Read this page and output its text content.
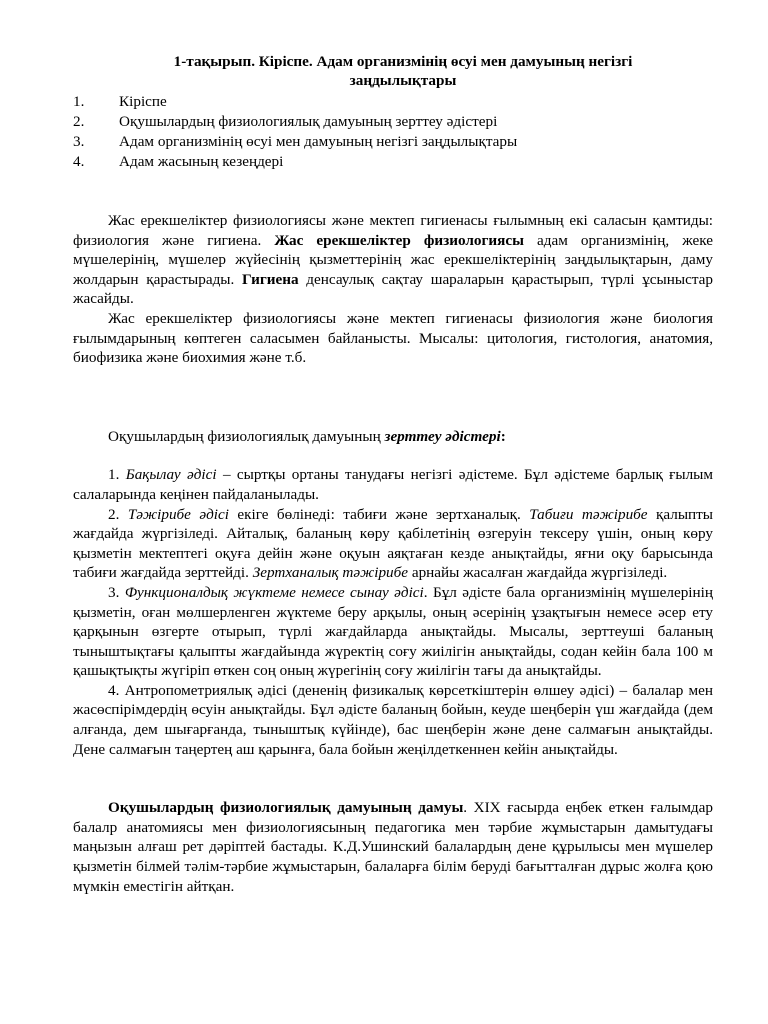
1-тақырып. Кіріспе. Адам организмінің өсуі мен дамуының негізгі
заңдылықтары
1.	Кіріспе
2.	Оқушылардың физиологиялық дамуының зерттеу әдістері
3.	Адам организмінің өсуі мен дамуының негізгі заңдылықтары
4.	Адам жасының кезеңдері

Жас ерекшеліктер физиологиясы және мектеп гигиенасы ғылымның екі саласын қамтиды: физиология және гигиена. Жас ерекшеліктер физиологиясы адам организмінің, жеке мүшелерінің, мүшелер жүйесінің қызметтерінің жас ерекшеліктерінің заңдылықтарын, даму жолдарын қарастырады. Гигиена денсаулық сақтау шараларын қарастырып, түрлі ұсыныстар жасайды.

Жас ерекшеліктер физиологиясы және мектеп гигиенасы физиология және биология ғылымдарының көптеген саласымен байланысты. Мысалы: цитология, гистология, анатомия, биофизика және биохимия және т.б.

Оқушылардың физиологиялық дамуының зерттеу әдістері:

1. Бақылау әдісі – сыртқы ортаны танудағы негізгі әдістеме. Бұл әдістеме барлық ғылым салаларында кеңінен пайдаланылады.

2. Тәжірибе әдісі екіге бөлінеді: табиғи және зертханалық. Табиғи тәжірибе қалыпты жағдайда жүргізіледі. Айталық, баланың көру қабілетінің өзгеруін тексеру үшін, оның көру қызметін мектептегі оқуға дейін және оқуын аяқтаған кезде анықтайды, яғни оқу барысында табиғи жағдайда зерттейді. Зертханалық тәжірибе арнайы жасалған жағдайда жүргізіледі.

3. Функционалдық жүктеме немесе сынау әдісі. Бұл әдісте бала организмінің мүшелерінің қызметін, оған мөлшерленген жүктеме беру арқылы, оның әсерінің ұзақтығын немесе әсер ету қарқынын өзгерте отырып, түрлі жағдайларда анықтайды. Мысалы, зерттеуші баланың тыныштықтағы қалыпты жағдайында жүректің соғу жиілігін анықтайды, содан кейін бала 100 м қашықтықты жүгіріп өткен соң оның жүрегінің соғу жиілігін тағы да анықтайды.

4. Антропометриялық әдісі (дененің физикалық көрсеткіштерін өлшеу әдісі) – балалар мен жасөспірімдердің өсуін анықтайды. Бұл әдісте баланың бойын, кеуде шеңберін үш жағдайда (дем алғанда, дем шығарғанда, тыныштық күйінде), бас шеңберін және дене салмағын анықтайды. Дене салмағын таңертең аш қарынға, бала бойын жеңілдеткеннен кейін анықтайды.

Оқушылардың физиологиялық дамуының дамуы. XIX ғасырда еңбек еткен ғалымдар балалр анатомиясы мен физиологиясының педагогика мен тәрбие жұмыстарын дамытудағы маңызын алғаш рет дәріптей бастады. К.Д.Ушинский балалардың дене құрылысы мен мүшелер қызметін білмей тәлім-тәрбие жұмыстарын, балаларға білім беруді бағытталған дұрыс жолға қою мүмкін еместігін айтқан.
